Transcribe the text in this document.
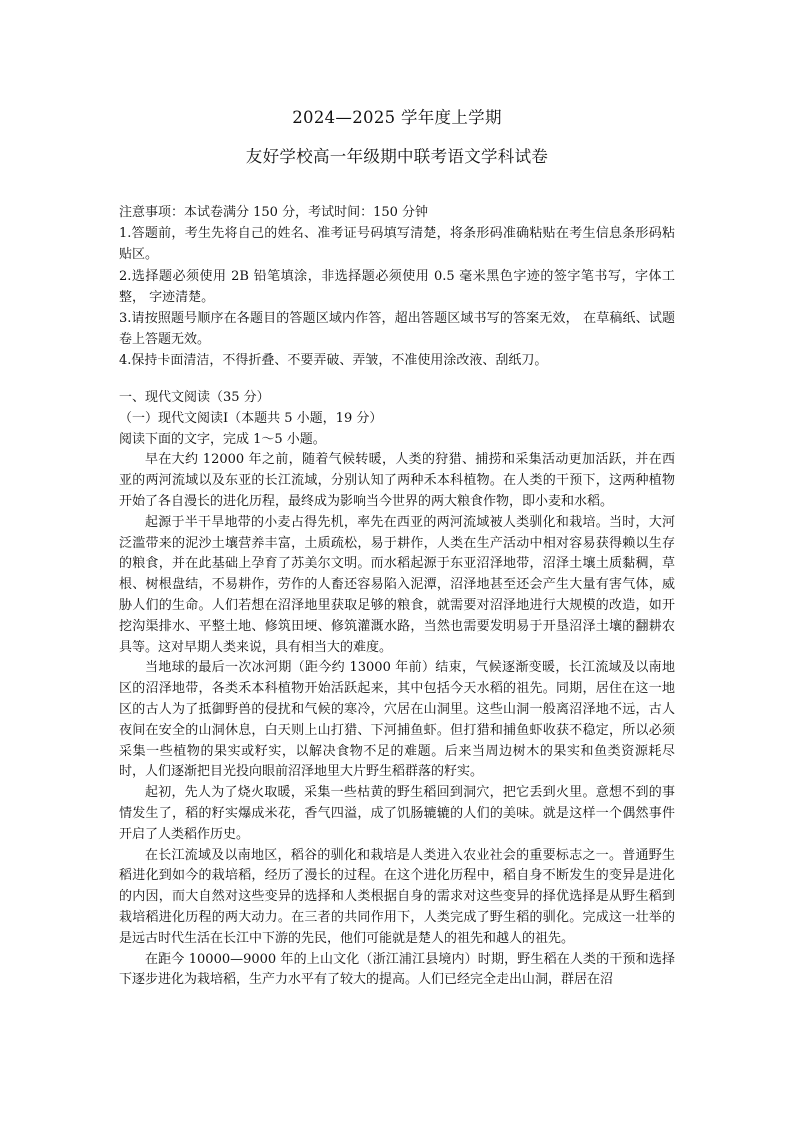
2024—2025 学年度上学期
友好学校高一年级期中联考语文学科试卷

注意事项：本试卷满分 150 分，考试时间：150 分钟

1.答题前，考生先将自己的姓名、准考证号码填写清楚，将条形码准确粘贴在考生信息条形码粘贴区。

2.选择题必须使用 2B 铅笔填涂，非选择题必须使用 0.5 毫米黑色字迹的签字笔书写，字体工整， 字迹清楚。

3.请按照题号顺序在各题目的答题区域内作答，超出答题区域书写的答案无效， 在草稿纸、试题卷上答题无效。

4.保持卡面清洁，不得折叠、不要弄破、弄皱，不准使用涂改液、刮纸刀。

一、现代文阅读（35 分）

（一）现代文阅读Ⅰ（本题共 5 小题，19 分）

阅读下面的文字，完成 1～5 小题。

早在大约 12000 年之前，随着气候转暖，人类的狩猎、捕捞和采集活动更加活跃，并在西亚的两河流域以及东亚的长江流域，分别认知了两种禾本科植物。在人类的干预下，这两种植物开始了各自漫长的进化历程，最终成为影响当今世界的两大粮食作物，即小麦和水稻。

起源于半干旱地带的小麦占得先机，率先在西亚的两河流域被人类驯化和栽培。当时，大河泛滥带来的泥沙土壤营养丰富，土质疏松，易于耕作，人类在生产活动中相对容易获得赖以生存的粮食，并在此基础上孕育了苏美尔文明。而水稻起源于东亚沼泽地带，沼泽土壤土质黏稠，草根、树根盘结，不易耕作，劳作的人畜还容易陷入泥潭，沼泽地甚至还会产生大量有害气体，威胁人们的生命。人们若想在沼泽地里获取足够的粮食，就需要对沼泽地进行大规模的改造，如开挖沟渠排水、平整土地、修筑田埂、修筑灌溉水路，当然也需要发明易于开垦沼泽土壤的翻耕农具等。这对早期人类来说，具有相当大的难度。

当地球的最后一次冰河期（距今约 13000 年前）结束，气候逐渐变暖，长江流域及以南地区的沼泽地带，各类禾本科植物开始活跃起来，其中包括今天水稻的祖先。同期，居住在这一地区的古人为了抵御野兽的侵扰和气候的寒冷，穴居在山洞里。这些山洞一般离沼泽地不远，古人夜间在安全的山洞休息，白天则上山打猎、下河捕鱼虾。但打猎和捕鱼虾收获不稳定，所以必须采集一些植物的果实或籽实，以解决食物不足的难题。后来当周边树木的果实和鱼类资源耗尽时，人们逐渐把目光投向眼前沼泽地里大片野生稻群落的籽实。

起初，先人为了烧火取暖，采集一些枯黄的野生稻回到洞穴，把它丢到火里。意想不到的事情发生了，稻的籽实爆成米花，香气四溢，成了饥肠辘辘的人们的美味。就是这样一个偶然事件开启了人类稻作历史。

在长江流域及以南地区，稻谷的驯化和栽培是人类进入农业社会的重要标志之一。普通野生稻进化到如今的栽培稻，经历了漫长的过程。在这个进化历程中，稻自身不断发生的变异是进化的内因，而大自然对这些变异的选择和人类根据自身的需求对这些变异的择优选择是从野生稻到栽培稻进化历程的两大动力。在三者的共同作用下，人类完成了野生稻的驯化。完成这一壮举的是远古时代生活在长江中下游的先民，他们可能就是楚人的祖先和越人的祖先。

在距今 10000—9000 年的上山文化（浙江浦江县境内）时期，野生稻在人类的干预和选择下逐步进化为栽培稻，生产力水平有了较大的提高。人们已经完全走出山洞，群居在沼
